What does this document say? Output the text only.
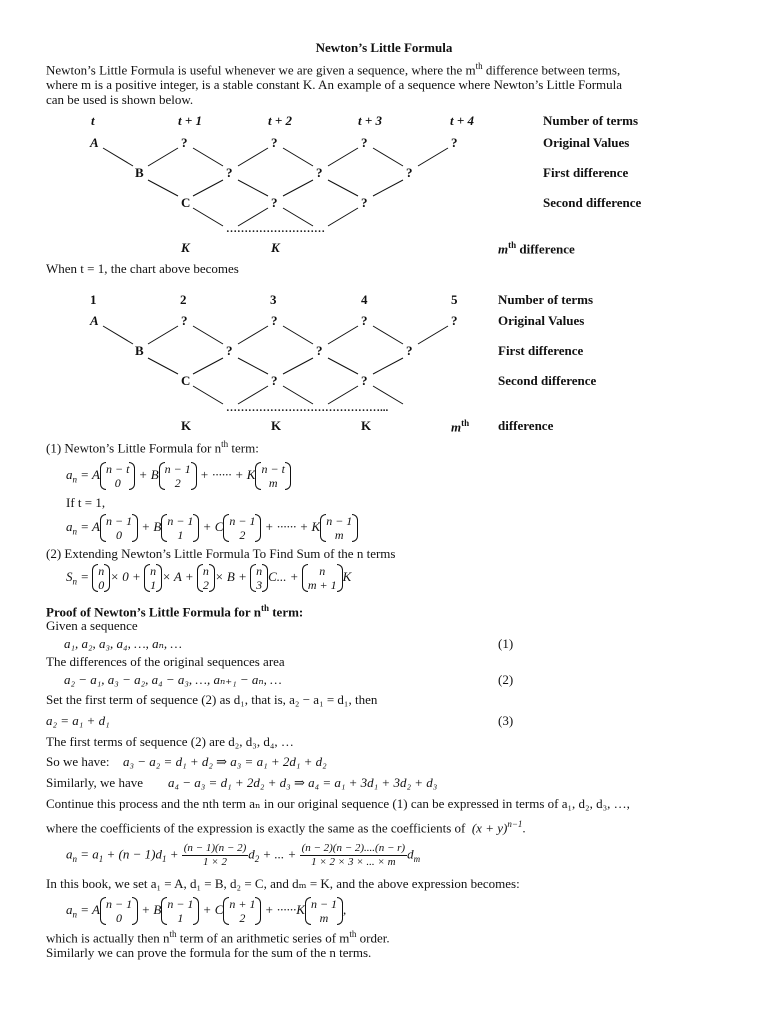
Newton’s Little Formula
Newton’s Little Formula is useful whenever we are given a sequence, where the $m^{th}$ difference between terms,
where m is a positive integer, is a stable constant K. An example of a sequence where Newton’s Little Formula
can be used is shown below.
t	t + 1	t + 2	t + 3	t + 4	Number of terms
A	?	?	?	?	Original Values
B	?	?	?	First difference
C	?	?	Second difference
………………………
K	K	$m^{th}$ difference
When t = 1, the chart above becomes
1	2	3	4	5	Number of terms
A	?	?	?	?	Original Values
B	?	?	?	First difference
C	?	?	Second difference
……………………………………...
K	K	K	$m^{th}$ difference
(1) Newton’s Little Formula for $n^{th}$ term:
$a_n = A$ n − t
0
+ B n − 1
2
+ ······ + K n − t
m
If t = 1,
$a_n = A$ n − 1
0
+ B n − 1
1
+ C n − 1
2
+ ······ + K n − 1
m
(2) Extending Newton’s Little Formula To Find Sum of the n terms
$S_n = n$
0
× 0 + n
1
× A + n
2
× B + n
3
C... +	n
m + 1
K
Proof of Newton’s Little Formula for $n^{th}$ term:
Given a sequence
a₁, a₂, a₃, a₄, …, aₙ, …	(1)
The differences of the original sequences area
a₂ − a₁, a₃ − a₂, a₄ − a₃, …, aₙ₊₁ − aₙ, …	(2)
Set the first term of sequence (2) as d₁, that is, a₂ − a₁ = d₁, then
a₂ = a₁ + d₁	(3)
The first terms of sequence (2) are d₂, d₃, d₄, …
So we have: a₃ − a₂ = d₁ + d₂ ⇒ a₃ = a₁ + 2d₁ + d₂
Similarly, we have a₄ − a₃ = d₁ + 2d₂ + d₃ ⇒ a₄ = a₁ + 3d₁ + 3d₂ + d₃
Continue this process and the nth term aₙ in our original sequence (1) can be expressed in terms of a₁, d₂, d₃, …,
where the coefficients of the expression is exactly the same as the coefficients of $(x + y)^{n-1}$.
$a_n = a_1 + (n - 1)d_1 + \frac{(n - 1)(n - 2)}{1 \times 2} d_2$ + ... + $\frac{(n - 2)(n - 2)....(n - r)}{1 \times 2 \times 3 \times ... \times m} d_m$
In this book, we set a₁ = A, d₁ = B, d₂ = C, and dₘ = K, and the above expression becomes:
$a_n = A$ n − 1
0
+ B n − 1
1
+ C n + 1
2
+ ······K n − 1
m
,
which is actually then $n^{th}$ term of an arithmetic series of $m^{th}$ order.
Similarly we can prove the formula for the sum of the n terms.
